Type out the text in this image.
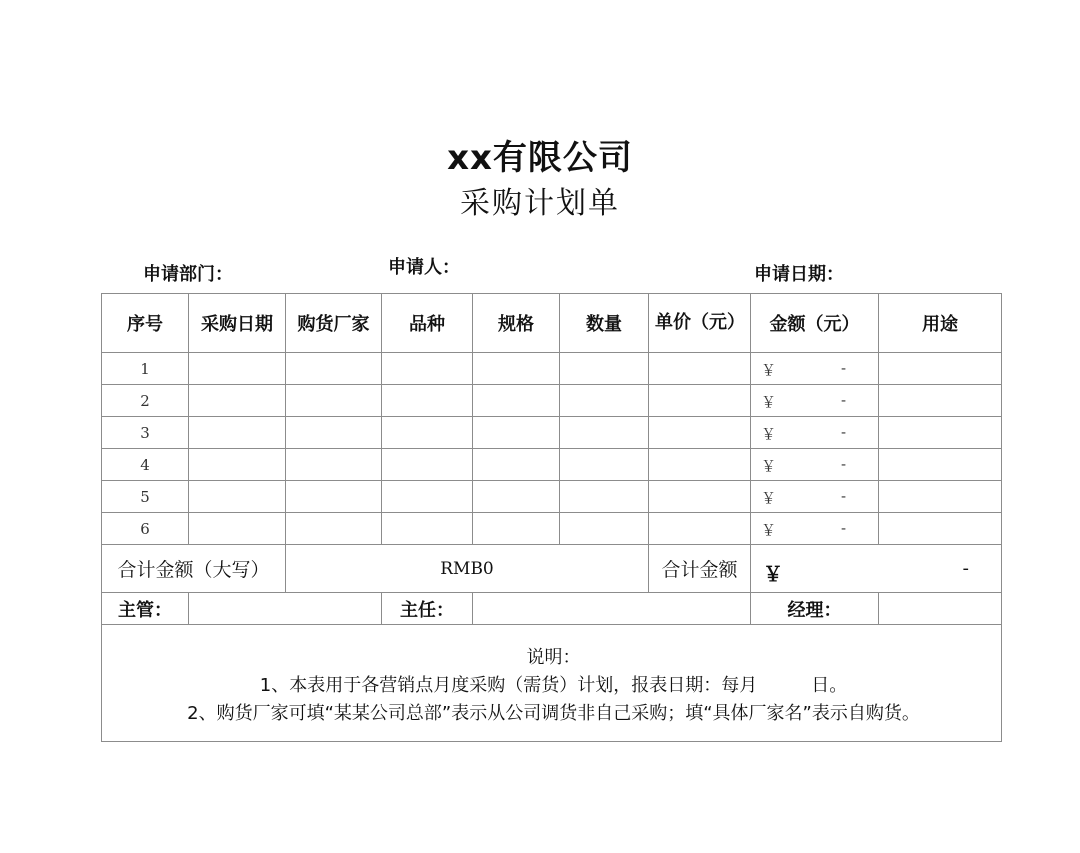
xx有限公司
采购计划单
申请部门：	申请人：	申请日期：
序号	采购日期	购货厂家	品种	规格	数量	单价（元）	金额（元）	用途
1							￥ -	

2							￥ -	

3							￥ -	

4							￥ -	

5							￥ -	

6							￥ -	

合计金额（大写）		RMB0				合计金额	￥ -	

主管：			主任：				经理：	

说明：
1、本表用于各营销点月度采购（需货）计划，报表日期：每月　　　日。
2、购货厂家可填“某某公司总部”表示从公司调货非自己采购；填“具体厂家名”表示自购货。								
